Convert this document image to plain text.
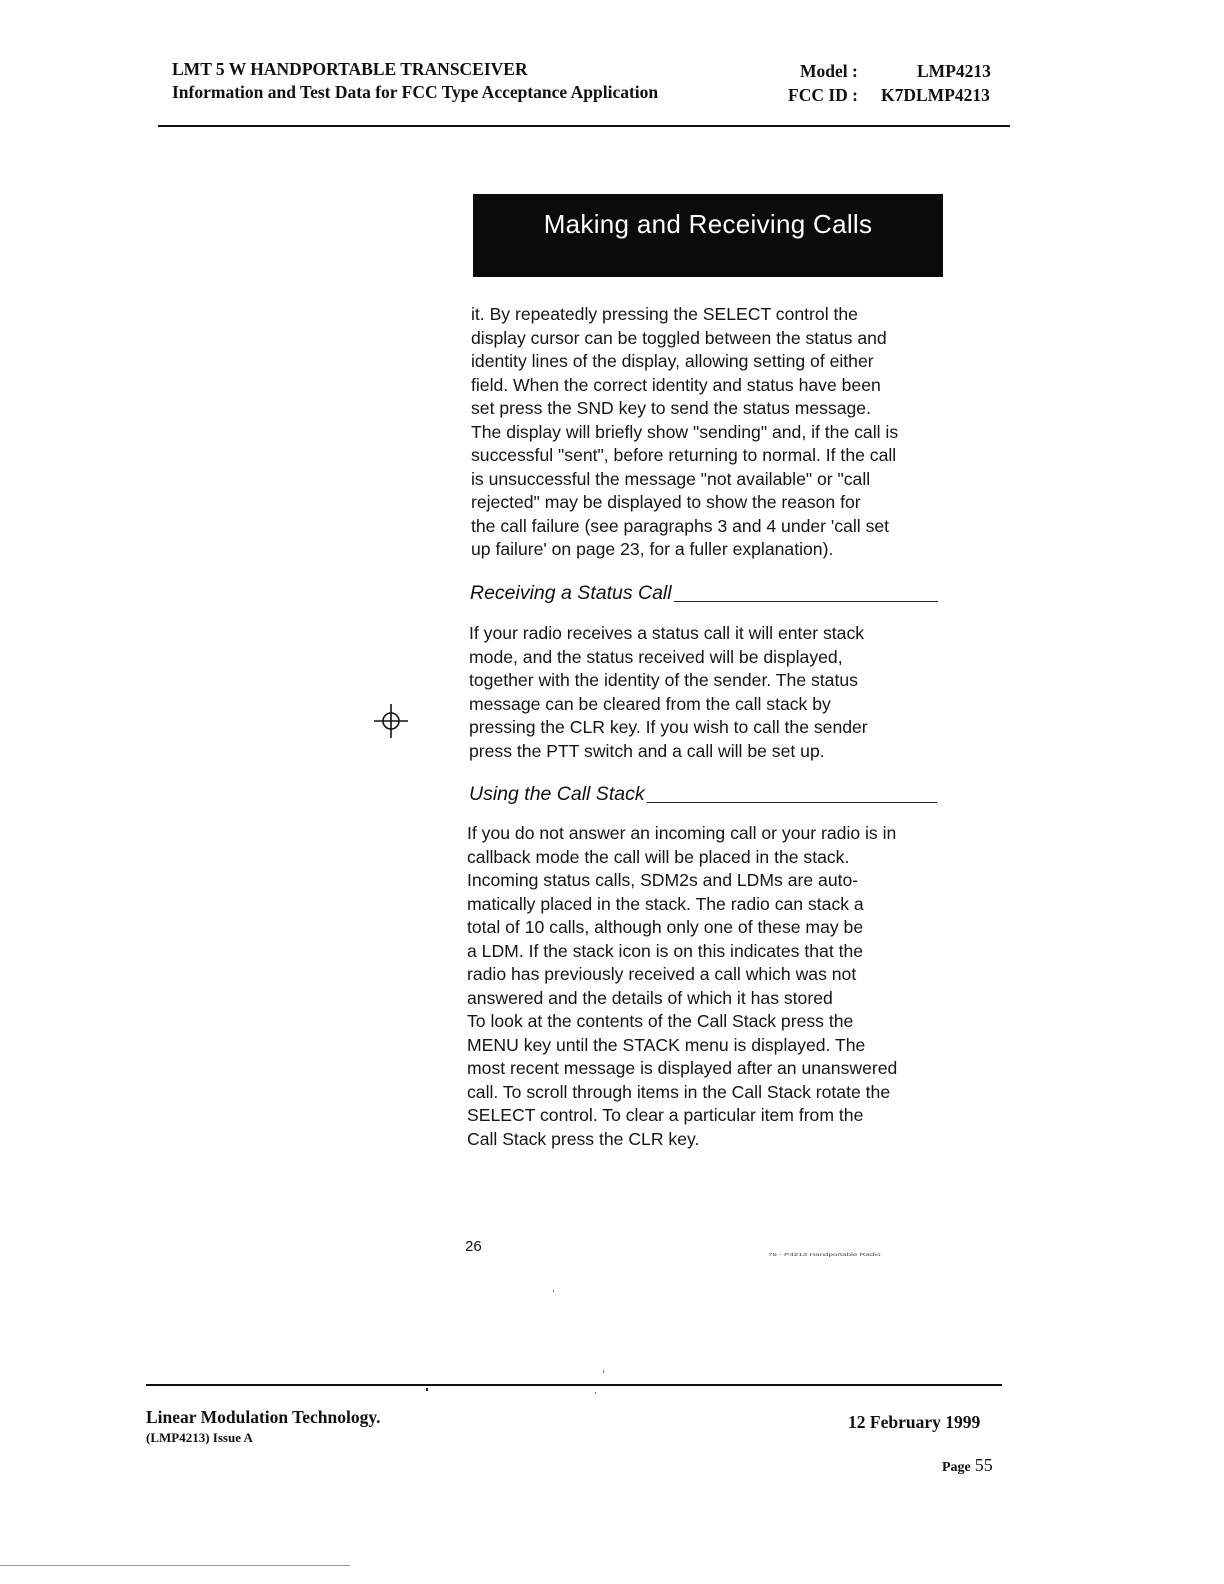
LMT 5 W HANDPORTABLE TRANSCEIVER
Information and Test Data for FCC Type Acceptance Application
Model :	LMP4213
FCC ID : K7DLMP4213
Making and Receiving Calls
it. By repeatedly pressing the SELECT control the
display cursor can be toggled between the status and
identity lines of the display, allowing setting of either
field. When the correct identity and status have been
set press the SND key to send the status message.
The display will briefly show "sending" and, if the call is
successful "sent", before returning to normal. If the call
is unsuccessful the message "not available" or "call
rejected" may be displayed to show the reason for
the call failure (see paragraphs 3 and 4 under 'call set
up failure' on page 23, for a fuller explanation).
Receiving a Status Call
If your radio receives a status call it will enter stack
mode, and the status received will be displayed,
together with the identity of the sender. The status
message can be cleared from the call stack by
pressing the CLR key. If you wish to call the sender
press the PTT switch and a call will be set up.
Using the Call Stack
If you do not answer an incoming call or your radio is in
callback mode the call will be placed in the stack.
Incoming status calls, SDM2s and LDMs are auto-
matically placed in the stack. The radio can stack a
total of 10 calls, although only one of these may be
a LDM. If the stack icon is on this indicates that the
radio has previously received a call which was not
answered and the details of which it has stored
To look at the contents of the Call Stack press the
MENU key until the STACK menu is displayed. The
most recent message is displayed after an unanswered
call. To scroll through items in the Call Stack rotate the
SELECT control. To clear a particular item from the
Call Stack press the CLR key.
26	75 - P4213 Handportable Radio
Linear Modulation Technology.
(LMP4213) Issue A
12 February 1999
Page 55
